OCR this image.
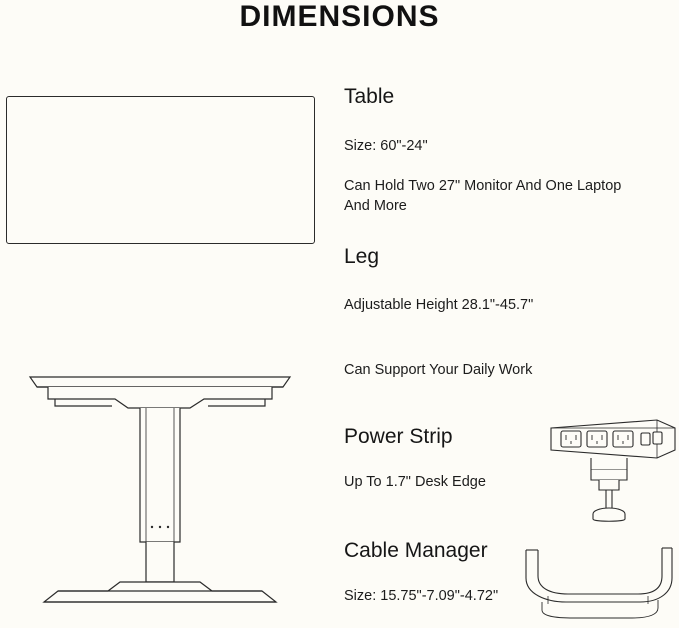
DIMENSIONS
Table
Size: 60"-24"
Can Hold Two 27" Monitor And One Laptop And More
Leg
Adjustable Height 28.1"-45.7"
Can Support Your Daily Work
Power Strip
Up To 1.7" Desk Edge
Cable Manager
Size: 15.75"-7.09"-4.72"
